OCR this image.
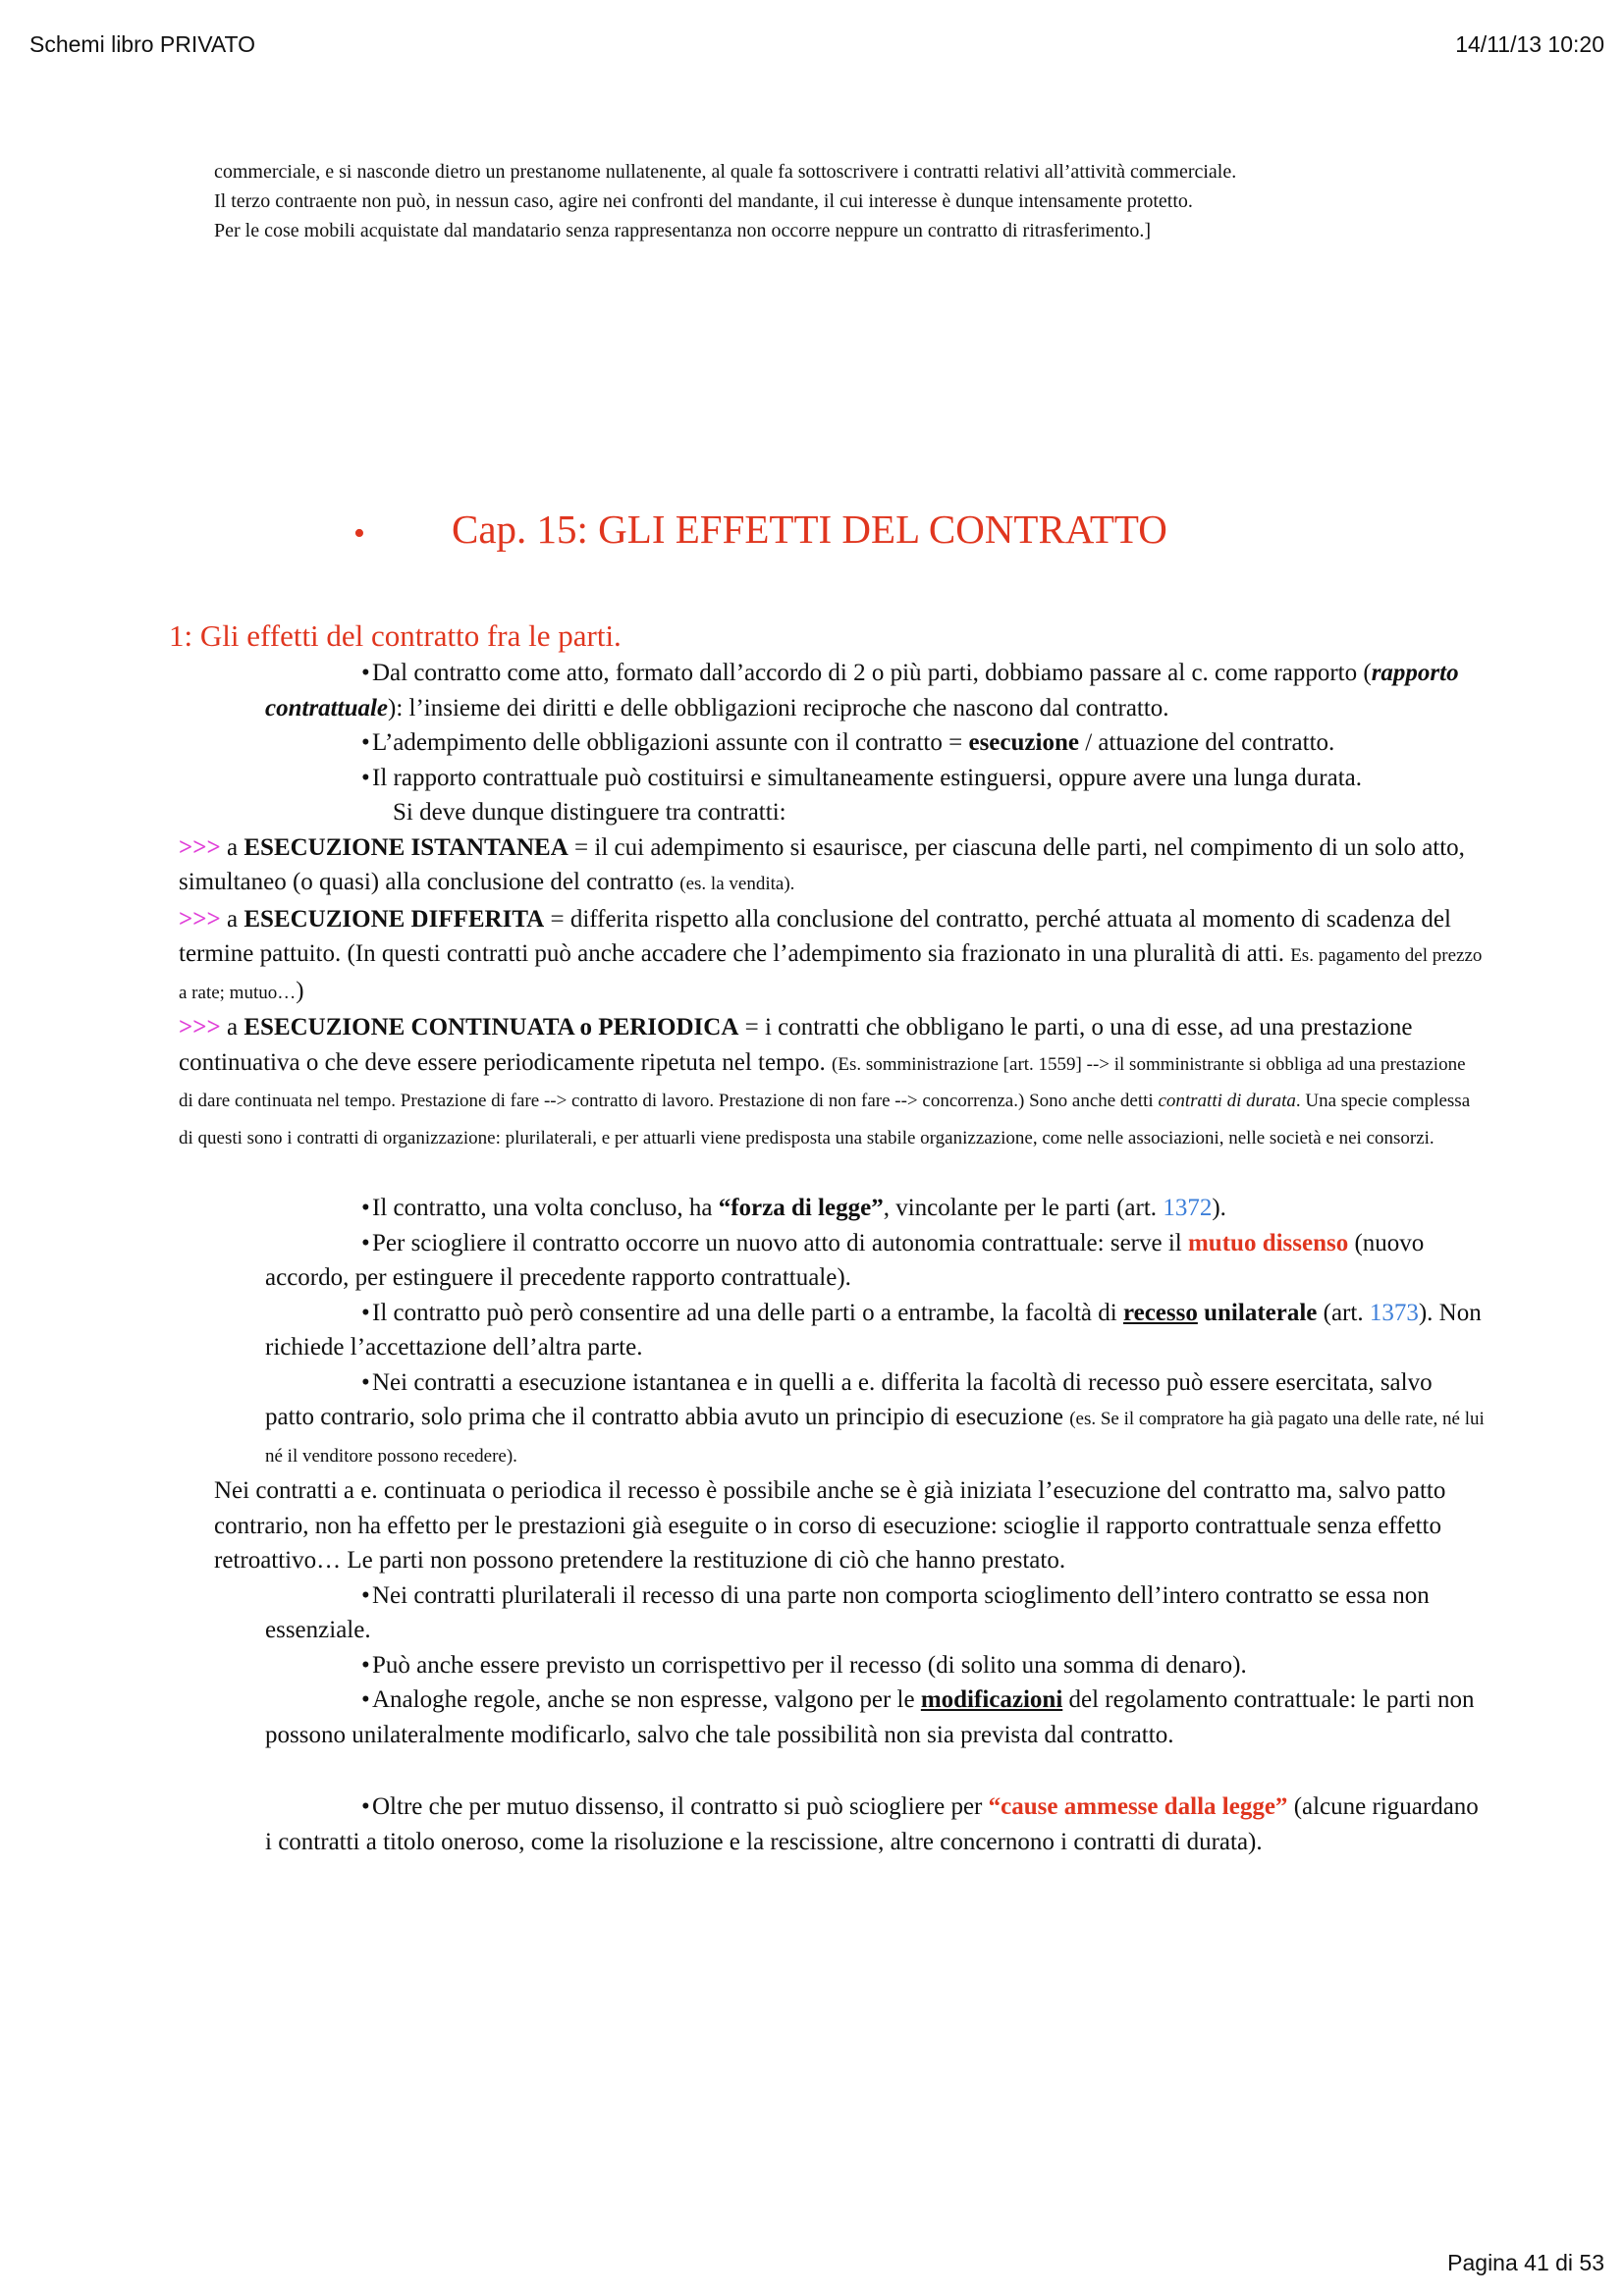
Schemi libro PRIVATO	14/11/13 10:20

commerciale, e si nasconde dietro un prestanome nullatenente, al quale fa sottoscrivere i contratti relativi all’attività commerciale.

Il terzo contraente non può, in nessun caso, agire nei confronti del mandante, il cui interesse è dunque intensamente protetto.

Per le cose mobili acquistate dal mandatario senza rappresentanza non occorre neppure un contratto di ritrasferimento.]

• Cap. 15: GLI EFFETTI DEL CONTRATTO
1: Gli effetti del contratto fra le parti.

•Dal contratto come atto, formato dall’accordo di 2 o più parti, dobbiamo passare al c. come rapporto (rapporto contrattuale): l’insieme dei diritti e delle obbligazioni reciproche che nascono dal contratto.

•L’adempimento delle obbligazioni assunte con il contratto = esecuzione / attuazione del contratto.

•Il rapporto contrattuale può costituirsi e simultaneamente estinguersi, oppure avere una lunga durata.Si deve dunque distinguere tra contratti:

>>> a ESECUZIONE ISTANTANEA = il cui adempimento si esaurisce, per ciascuna delle parti, nel compimento di un solo atto, simultaneo (o quasi) alla conclusione del contratto (es. la vendita).

>>> a ESECUZIONE DIFFERITA = differita rispetto alla conclusione del contratto, perché attuata al momento di scadenza del termine pattuito. (In questi contratti può anche accadere che l’adempimento sia frazionato in una pluralità di atti. Es. pagamento del prezzo a rate; mutuo…)

>>> a ESECUZIONE CONTINUATA o PERIODICA = i contratti che obbligano le parti, o una di esse, ad una prestazione continuativa o che deve essere periodicamente ripetuta nel tempo. (Es. somministrazione [art. 1559] --> il somministrante si obbliga ad una prestazione di dare continuata nel tempo. Prestazione di fare --> contratto di lavoro. Prestazione di non fare --> concorrenza.) Sono anche detti contratti di durata. Una specie complessa di questi sono i contratti di organizzazione: plurilaterali, e per attuarli viene predisposta una stabile organizzazione, come nelle associazioni, nelle società e nei consorzi.

•Il contratto, una volta concluso, ha “forza di legge”, vincolante per le parti (art. 1372).

•Per sciogliere il contratto occorre un nuovo atto di autonomia contrattuale: serve il mutuo dissenso (nuovo accordo, per estinguere il precedente rapporto contrattuale).

•Il contratto può però consentire ad una delle parti o a entrambe, la facoltà di recesso unilaterale (art. 1373). Non richiede l’accettazione dell’altra parte.

•Nei contratti a esecuzione istantanea e in quelli a e. differita la facoltà di recesso può essere esercitata, salvo patto contrario, solo prima che il contratto abbia avuto un principio di esecuzione (es. Se il compratore ha già pagato una delle rate, né lui né il venditore possono recedere).

Nei contratti a e. continuata o periodica il recesso è possibile anche se è già iniziata l’esecuzione del contratto ma, salvo patto contrario, non ha effetto per le prestazioni già eseguite o in corso di esecuzione: scioglie il rapporto contrattuale senza effetto retroattivo… Le parti non possono pretendere la restituzione di ciò che hanno prestato.

•Nei contratti plurilaterali il recesso di una parte non comporta scioglimento dell’intero contratto se essa non essenziale.

•Può anche essere previsto un corrispettivo per il recesso (di solito una somma di denaro).

•Analoghe regole, anche se non espresse, valgono per le modificazioni del regolamento contrattuale: le parti non possono unilateralmente modificarlo, salvo che tale possibilità non sia prevista dal contratto.

•Oltre che per mutuo dissenso, il contratto si può sciogliere per “cause ammesse dalla legge” (alcune riguardano i contratti a titolo oneroso, come la risoluzione e la rescissione, altre concernono i contratti di durata).

Pagina 41 di 53
